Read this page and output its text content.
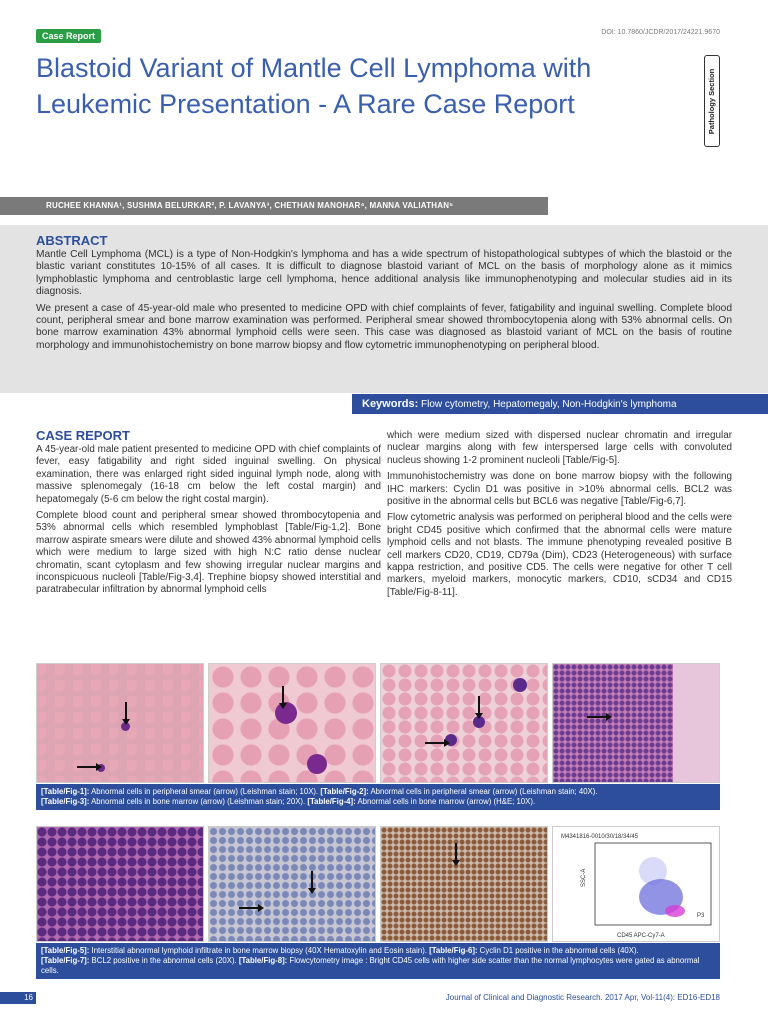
Case Report	DOI: 10.7860/JCDR/2017/24221.9670
Blastoid Variant of Mantle Cell Lymphoma with Leukemic Presentation - A Rare Case Report	Pathology Section
RUCHEE KHANNA¹, SUSHMA BELURKAR², P. LAVANYA³, CHETHAN MANOHAR⁴, MANNA VALIATHAN⁵
ABSTRACT

Mantle Cell Lymphoma (MCL) is a type of Non-Hodgkin's lymphoma and has a wide spectrum of histopathological subtypes of which the blastoid or the blastic variant constitutes 10-15% of all cases. It is difficult to diagnose blastoid variant of MCL on the basis of morphology alone as it mimics lymphoblastic lymphoma and centroblastic large cell lymphoma, hence additional analysis like immunophenotyping and molecular studies aid in its diagnosis.

We present a case of 45-year-old male who presented to medicine OPD with chief complaints of fever, fatigability and inguinal swelling. Complete blood count, peripheral smear and bone marrow examination was performed. Peripheral smear showed thrombocytopenia along with 53% abnormal cells. On bone marrow examination 43% abnormal lymphoid cells were seen. This case was diagnosed as blastoid variant of MCL on the basis of routine morphology and immunohistochemistry on bone marrow biopsy and flow cytometric immunophenotyping on peripheral blood.

Keywords: Flow cytometry, Hepatomegaly, Non-Hodgkin's lymphoma
CASE REPORT

A 45-year-old male patient presented to medicine OPD with chief complaints of fever, easy fatigability and right sided inguinal swelling. On physical examination, there was enlarged right sided inguinal lymph node, along with massive splenomegaly (16-18 cm below the left costal margin) and hepatomegaly (5-6 cm below the right costal margin).

Complete blood count and peripheral smear showed thrombocytopenia and 53% abnormal cells which resembled lymphoblast [Table/Fig-1,2]. Bone marrow aspirate smears were dilute and showed 43% abnormal lymphoid cells which were medium to large sized with high N:C ratio dense nuclear chromatin, scant cytoplasm and few showing irregular nuclear margins and inconspicuous nucleoli [Table/Fig-3,4]. Trephine biopsy showed interstitial and paratrabecular infiltration by abnormal lymphoid cells

which were medium sized with dispersed nuclear chromatin and irregular nuclear margins along with few interspersed large cells with convoluted nucleus showing 1-2 prominent nucleoli [Table/Fig-5].

Immunohistochemistry was done on bone marrow biopsy with the following IHC markers: Cyclin D1 was positive in >10% abnormal cells. BCL2 was positive in the abnormal cells but BCL6 was negative [Table/Fig-6,7].

Flow cytometric analysis was performed on peripheral blood and the cells were bright CD45 positive which confirmed that the abnormal cells were mature lymphoid cells and not blasts. The immune phenotyping revealed positive B cell markers CD20, CD19, CD79a (Dim), CD23 (Heterogeneous) with surface kappa restriction, and positive CD5. The cells were negative for other T cell markers, myeloid markers, monocytic markers, CD10, sCD34 and CD15 [Table/Fig-8-11].

[Table/Fig-1]: Abnormal cells in peripheral smear (arrow) (Leishman stain; 10X). [Table/Fig-2]: Abnormal cells in peripheral smear (arrow) (Leishman stain; 40X).
[Table/Fig-3]: Abnormal cells in bone marrow (arrow) (Leishman stain; 20X). [Table/Fig-4]: Abnormal cells in bone marrow (arrow) (H&E; 10X).
M4341816-0010/30/18/34/45
SSC-A
CD45 APC-Cy7-A
P3
[Table/Fig-5]: Interstitial abnormal lymphoid infiltrate in bone marrow biopsy (40X Hematoxylin and Eosin stain). [Table/Fig-6]: Cyclin D1 positive in the abnormal cells (40X).
[Table/Fig-7]: BCL2 positive in the abnormal cells (20X). [Table/Fig-8]: Flowcytometry image : Bright CD45 cells with higher side scatter than the normal lymphocytes were gated as abnormal cells.
16	Journal of Clinical and Diagnostic Research. 2017 Apr, Vol-11(4): ED16-ED18
